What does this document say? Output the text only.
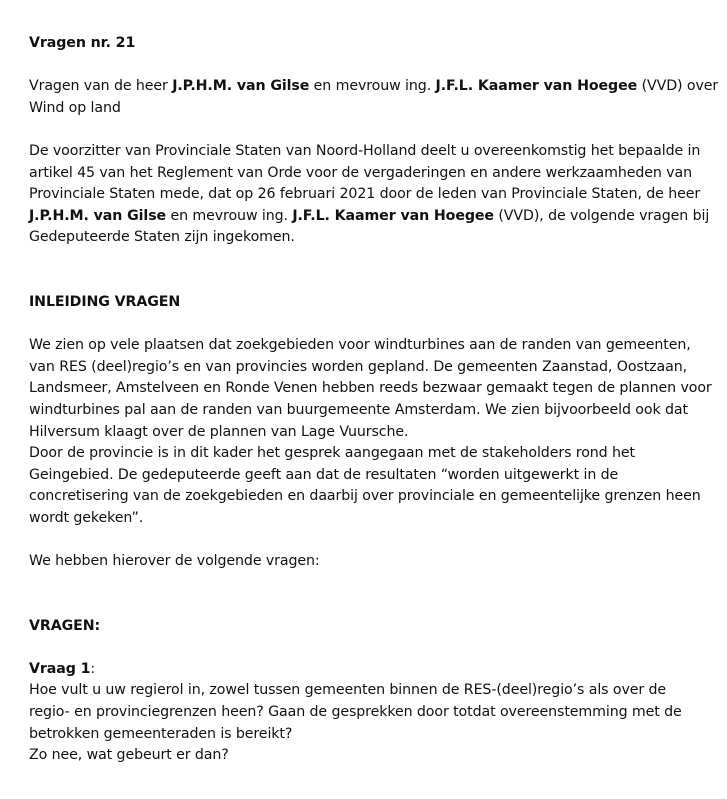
Vragen nr. 21

Vragen van de heer J.P.H.M. van Gilse en mevrouw ing. J.F.L. Kaamer van Hoegee (VVD) over

Wind op land

De voorzitter van Provinciale Staten van Noord-Holland deelt u overeenkomstig het bepaalde in

artikel 45 van het Reglement van Orde voor de vergaderingen en andere werkzaamheden van

Provinciale Staten mede, dat op 26 februari 2021 door de leden van Provinciale Staten, de heer

J.P.H.M. van Gilse en mevrouw ing. J.F.L. Kaamer van Hoegee (VVD), de volgende vragen bij

Gedeputeerde Staten zijn ingekomen.

INLEIDING VRAGEN

We zien op vele plaatsen dat zoekgebieden voor windturbines aan de randen van gemeenten,

van RES (deel)regio’s en van provincies worden gepland. De gemeenten Zaanstad, Oostzaan,

Landsmeer, Amstelveen en Ronde Venen hebben reeds bezwaar gemaakt tegen de plannen voor

windturbines pal aan de randen van buurgemeente Amsterdam. We zien bijvoorbeeld ook dat

Hilversum klaagt over de plannen van Lage Vuursche.

Door de provincie is in dit kader het gesprek aangegaan met de stakeholders rond het

Geingebied. De gedeputeerde geeft aan dat de resultaten “worden uitgewerkt in de

concretisering van de zoekgebieden en daarbij over provinciale en gemeentelijke grenzen heen

wordt gekeken”.

We hebben hierover de volgende vragen:

VRAGEN:

Vraag 1:

Hoe vult u uw regierol in, zowel tussen gemeenten binnen de RES-(deel)regio’s als over de

regio- en provinciegrenzen heen? Gaan de gesprekken door totdat overeenstemming met de

betrokken gemeenteraden is bereikt?

Zo nee, wat gebeurt er dan?
